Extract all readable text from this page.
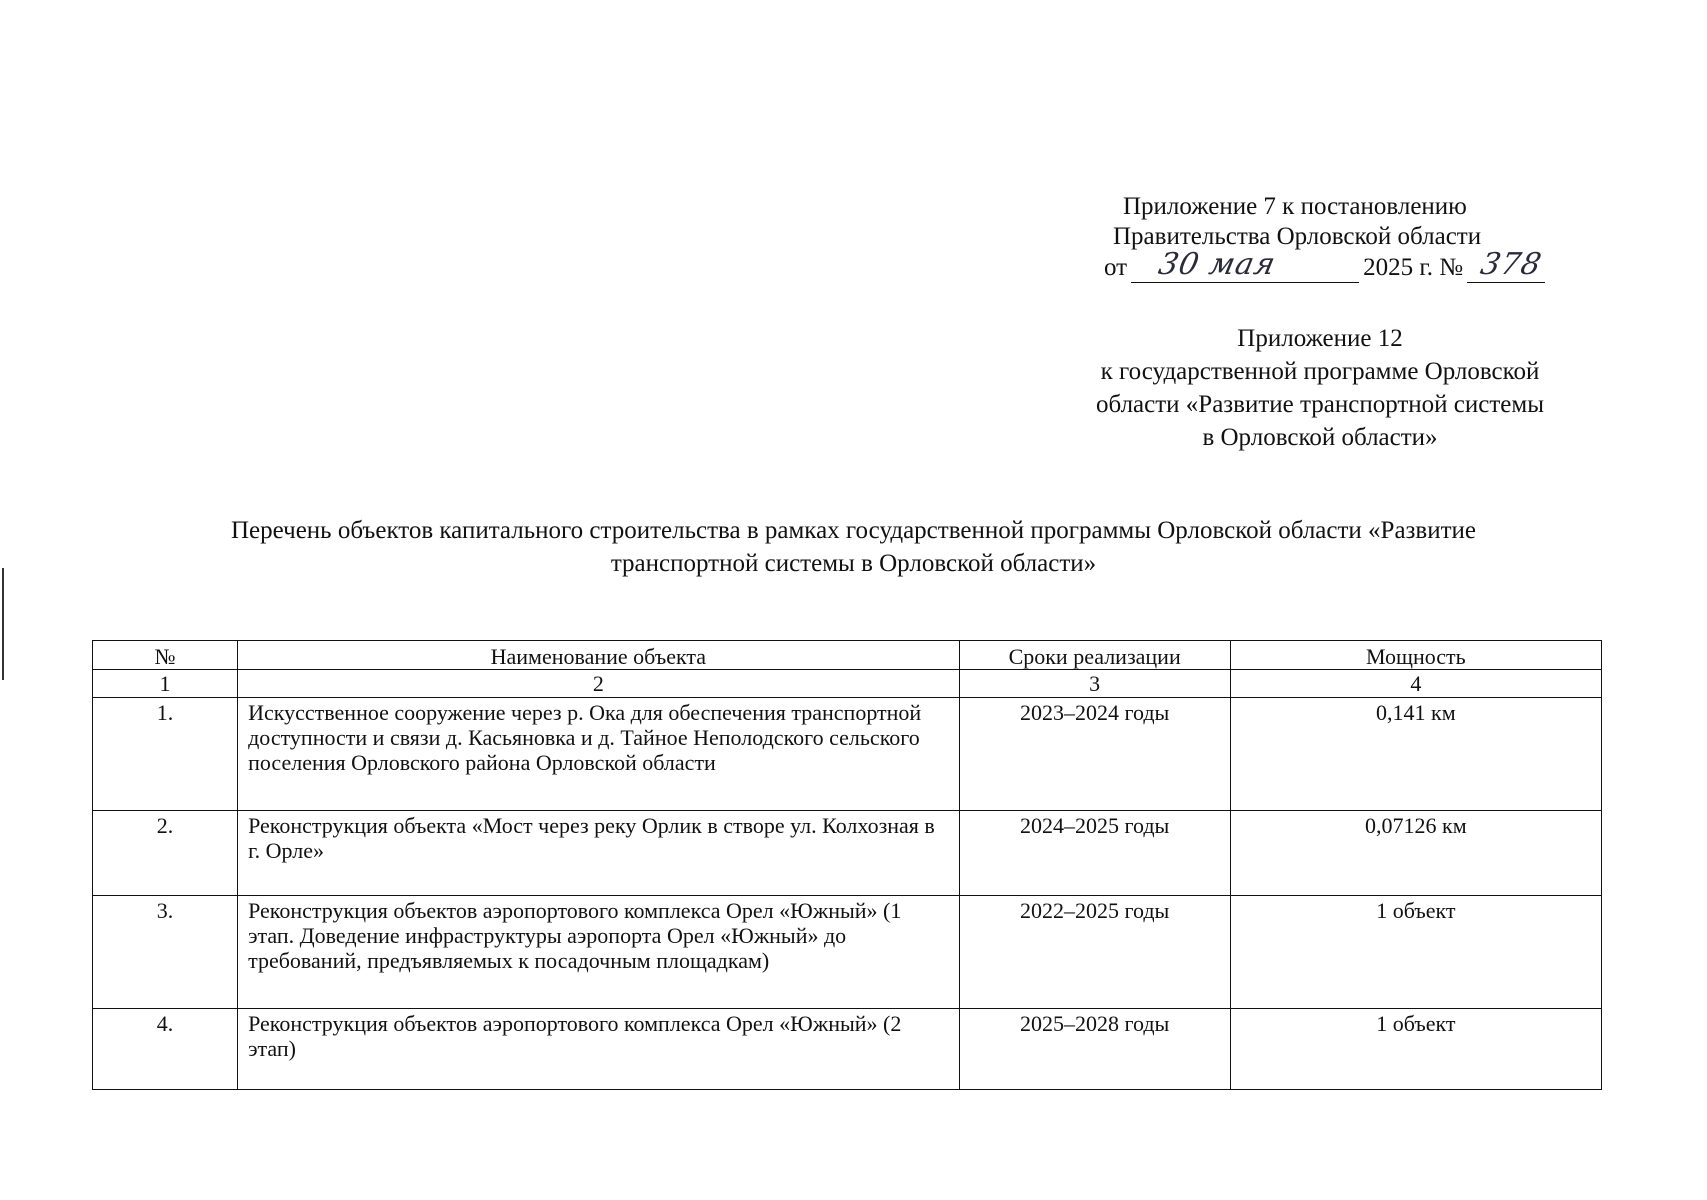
Приложение 7 к постановлению
Правительства Орловской области
от 30 мая	2025 г. № 378
Приложение 12
к государственной программе Орловской
области «Развитие транспортной системы
в Орловской области»
Перечень объектов капитального строительства в рамках государственной программы Орловской области «Развитие
транспортной системы в Орловской области»
№	Наименование объекта	Сроки реализации	Мощность
1	2	3	4
1.	Искусственное сооружение через р. Ока для обеспечения транспортной доступности и связи д. Касьяновка и д. Тайное Неполодского сельского поселения Орловского района Орловской области	2023–2024 годы	0,141 км
2.	Реконструкция объекта «Мост через реку Орлик в створе ул. Колхозная в г. Орле»	2024–2025 годы	0,07126 км
3.	Реконструкция объектов аэропортового комплекса Орел «Южный» (1 этап. Доведение инфраструктуры аэропорта Орел «Южный» до требований, предъявляемых к посадочным площадкам)	2022–2025 годы	1 объект
4.	Реконструкция объектов аэропортового комплекса Орел «Южный» (2 этап)	2025–2028 годы	1 объект
